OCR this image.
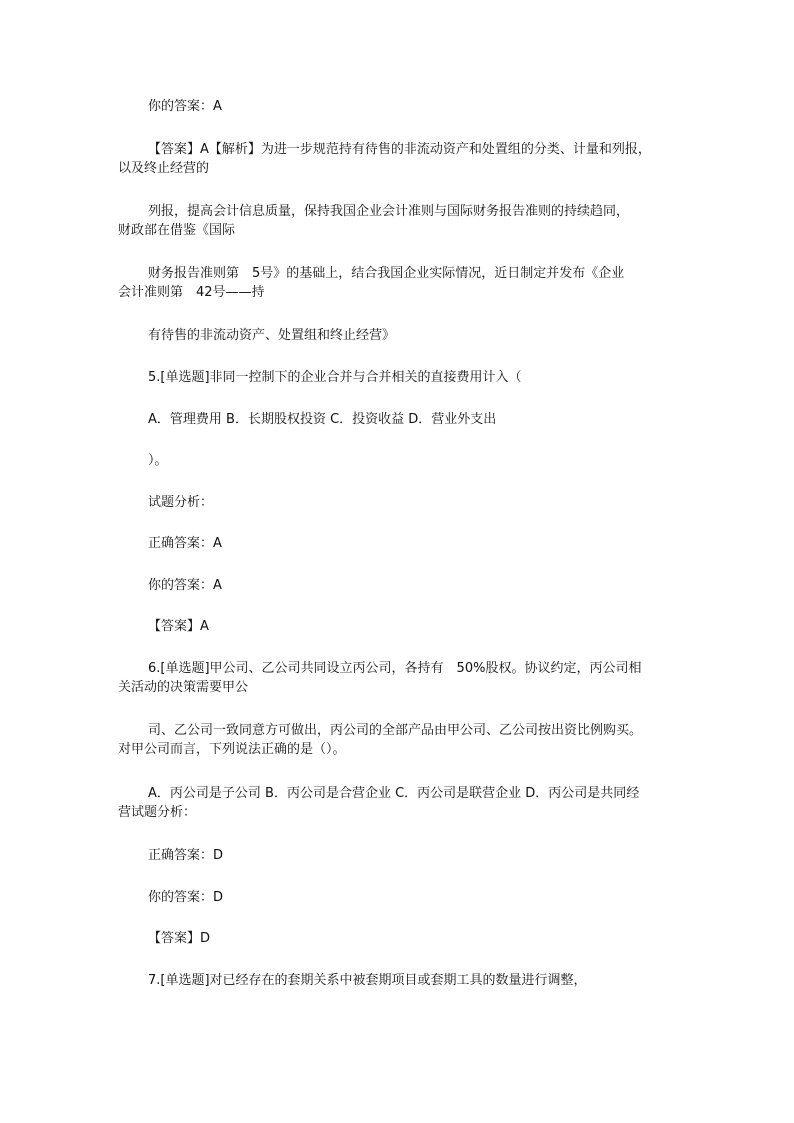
你的答案：A
【答案】A【解析】为进一步规范持有待售的非流动资产和处置组的分类、计量和列报，
以及终止经营的
列报，提高会计信息质量，保持我国企业会计准则与国际财务报告准则的持续趋同，
财政部在借鉴《国际
财务报告准则第　5号》的基础上，结合我国企业实际情况，近日制定并发布《企业
会计准则第　42号——持
有待售的非流动资产、处置组和终止经营》
5.[单选题]非同一控制下的企业合并与合并相关的直接费用计入（
A．管理费用 B．长期股权投资 C．投资收益 D．营业外支出
）。
试题分析：
正确答案：A
你的答案：A
【答案】A
6.[单选题]甲公司、乙公司共同设立丙公司，各持有　50%股权。协议约定，丙公司相
关活动的决策需要甲公
司、乙公司一致同意方可做出，丙公司的全部产品由甲公司、乙公司按出资比例购买。
对甲公司而言，下列说法正确的是（）。
A．丙公司是子公司 B．丙公司是合营企业 C．丙公司是联营企业 D．丙公司是共同经
营试题分析：
正确答案：D
你的答案：D
【答案】D
7.[单选题]对已经存在的套期关系中被套期项目或套期工具的数量进行调整，
